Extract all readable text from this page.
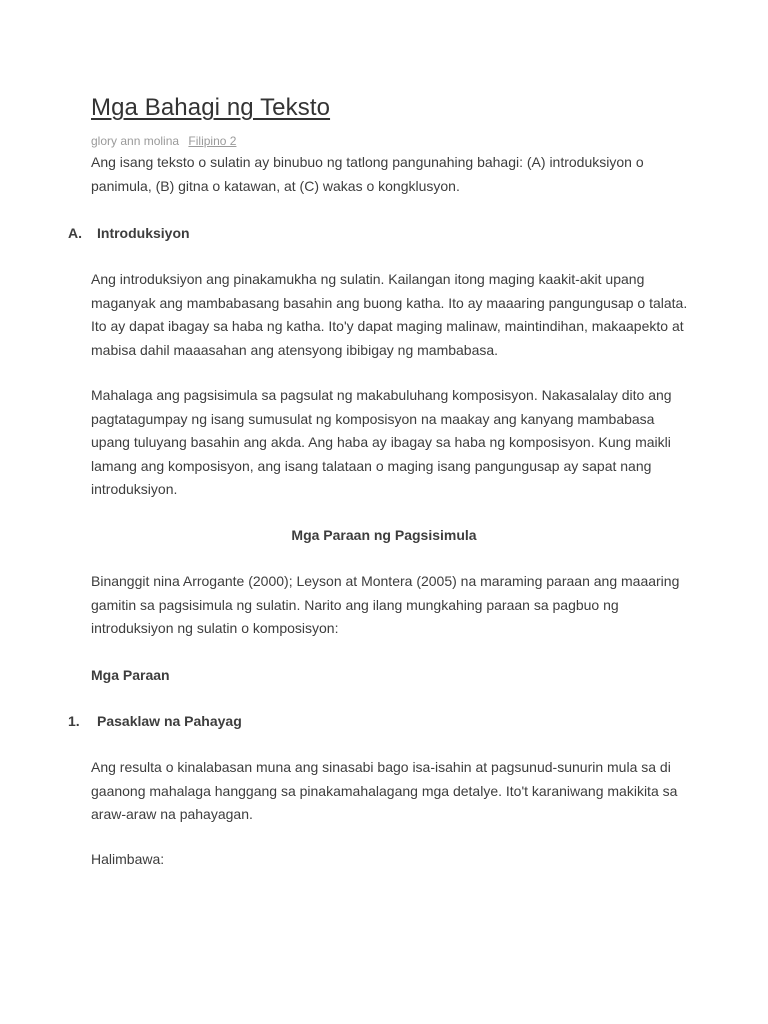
Mga Bahagi ng Teksto
glory ann molina Filipino 2

Ang isang teksto o sulatin ay binubuo ng tatlong pangunahing bahagi: (A) introduksiyon o panimula, (B) gitna o katawan, at (C) wakas o kongklusyon.

A. Introduksiyon

Ang introduksiyon ang pinakamukha ng sulatin. Kailangan itong maging kaakit-akit upang maganyak ang mambabasang basahin ang buong katha. Ito ay maaaring pangungusap o talata. Ito ay dapat ibagay sa haba ng katha. Ito'y dapat maging malinaw, maintindihan, makaapekto at mabisa dahil maaasahan ang atensyong ibibigay ng mambabasa.

Mahalaga ang pagsisimula sa pagsulat ng makabuluhang komposisyon. Nakasalalay dito ang pagtatagumpay ng isang sumusulat ng komposisyon na maakay ang kanyang mambabasa upang tuluyang basahin ang akda. Ang haba ay ibagay sa haba ng komposisyon. Kung maikli lamang ang komposisyon, ang isang talataan o maging isang pangungusap ay sapat nang introduksiyon.

Mga Paraan ng Pagsisimula

Binanggit nina Arrogante (2000); Leyson at Montera (2005) na maraming paraan ang maaaring gamitin sa pagsisimula ng sulatin. Narito ang ilang mungkahing paraan sa pagbuo ng introduksiyon ng sulatin o komposisyon:

Mga Paraan
1. Pasaklaw na Pahayag

Ang resulta o kinalabasan muna ang sinasabi bago isa-isahin at pagsunud-sunurin mula sa di gaanong mahalaga hanggang sa pinakamahalagang mga detalye. Ito't karaniwang makikita sa araw-araw na pahayagan.

Halimbawa:
